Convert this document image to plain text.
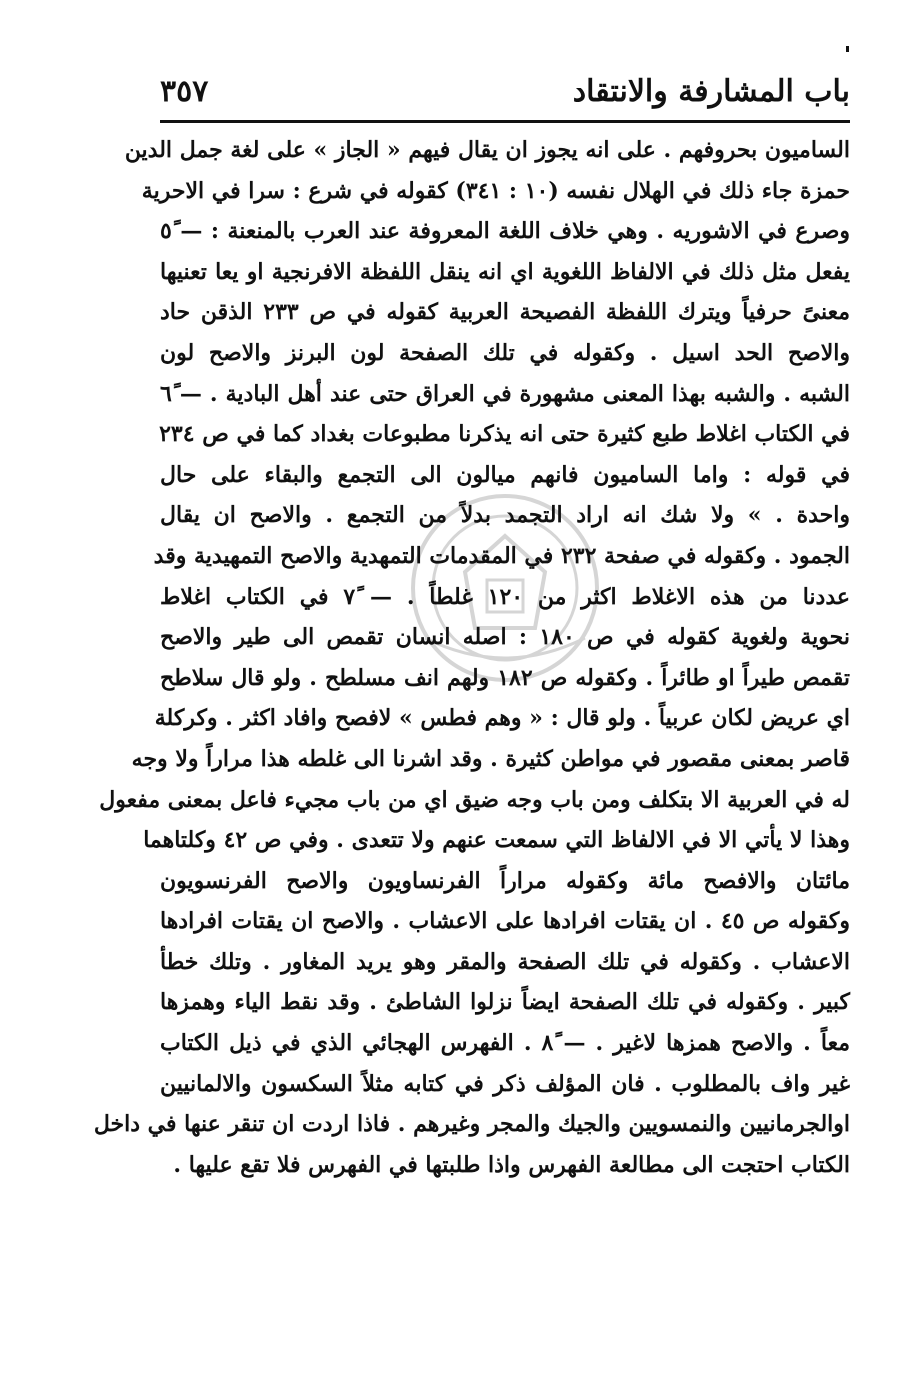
باب المشارفة والانتقاد
٣٥٧
الساميون بحروفهم . على انه يجوز ان يقال فيهم « الجاز » على لغة جمل الدين
حمزة جاء ذلك في الهلال نفسه (١٠ : ٣٤١) كقوله في شرع : سرا في الاحرية
وصرع في الاشوريه . وهي خلاف اللغة المعروفة عند العرب بالمنعنة : — ٥ً
يفعل مثل ذلك في الالفاظ اللغوية اي انه ينقل اللفظة الافرنجية او يعا تعنيها
معنىً حرفياً ويترك اللفظة الفصيحة العربية كقوله في ص ٢٣٣ الذقن حاد
والاصح الحد اسيل . وكقوله في تلك الصفحة لون البرنز والاصح لون
الشبه . والشبه بهذا المعنى مشهورة في العراق حتى عند أهل البادية . — ٦ً
في الكتاب اغلاط طبع كثيرة حتى انه يذكرنا مطبوعات بغداد كما في ص ٢٣٤
في قوله : واما الساميون فانهم ميالون الى التجمع والبقاء على حال
واحدة . » ولا شك انه اراد التجمد بدلاً من التجمع . والاصح ان يقال
الجمود . وكقوله في صفحة ٢٣٢ في المقدمات التمهدية والاصح التمهيدية وقد
عددنا من هذه الاغلاط اكثر من ١٢٠ غلطاً . — ٧ً في الكتاب اغلاط
نحوية ولغوية كقوله في ص ١٨٠ : اصله انسان تقمص الى طير والاصح
تقمص طيراً او طائراً . وكقوله ص ١٨٢ ولهم انف مسلطح . ولو قال سلاطح
اي عريض لكان عربياً . ولو قال : « وهم فطس » لافصح وافاد اكثر . وكركلة
قاصر بمعنى مقصور في مواطن كثيرة . وقد اشرنا الى غلطه هذا مراراً ولا وجه
له في العربية الا بتكلف ومن باب وجه ضيق اي من باب مجيء فاعل بمعنى مفعول
وهذا لا يأتي الا في الالفاظ التي سمعت عنهم ولا تتعدى . وفي ص ٤٢ وكلتاهما
مائتان والافصح مائة وكقوله مراراً الفرنساويون والاصح الفرنسويون
وكقوله ص ٤٥ . ان يقتات افرادها على الاعشاب . والاصح ان يقتات افرادها
الاعشاب . وكقوله في تلك الصفحة والمقر وهو يريد المغاور . وتلك خطأ
كبير . وكقوله في تلك الصفحة ايضاً نزلوا الشاطئ . وقد نقط الياء وهمزها
معاً . والاصح همزها لاغير . — ٨ً . الفهرس الهجائي الذي في ذيل الكتاب
غير واف بالمطلوب . فان المؤلف ذكر في كتابه مثلاً السكسون والالمانيين
اوالجرمانيين والنمسويين والجيك والمجر وغيرهم . فاذا اردت ان تنقر عنها في داخل
الكتاب احتجت الى مطالعة الفهرس واذا طلبتها في الفهرس فلا تقع عليها .
